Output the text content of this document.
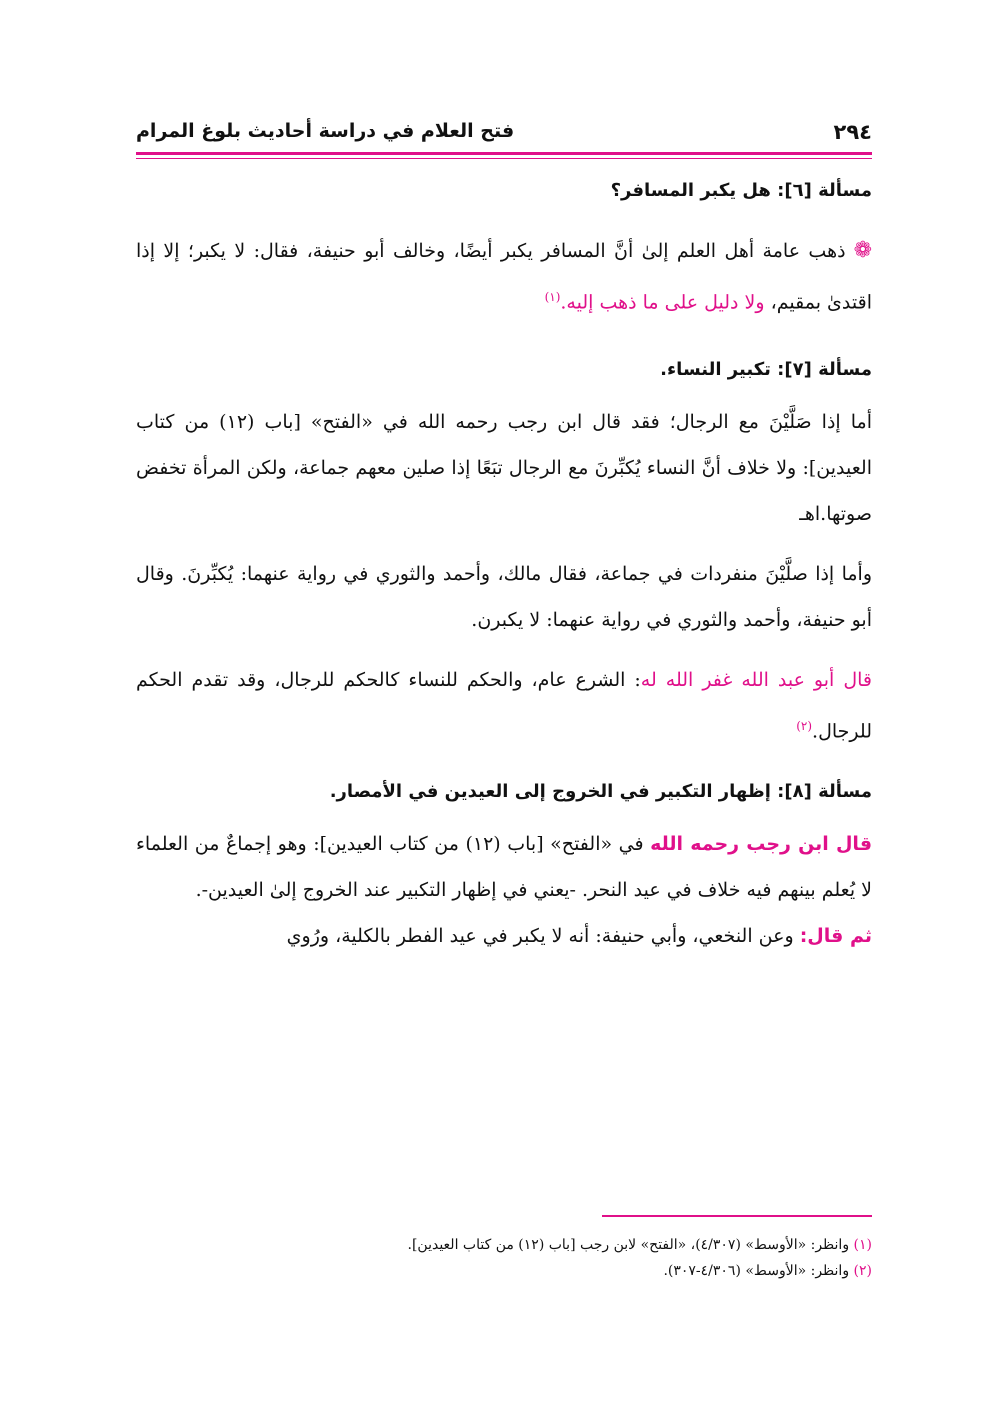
٢٩٤
فتح العلام في دراسة أحاديث بلوغ المرام

مسألة [٦]: هل يكبر المسافر؟

❁ذهب عامة أهل العلم إلىٰ أنَّ المسافر يكبر أيضًا، وخالف أبو حنيفة، فقال: لا يكبر؛ إلا إذا اقتدىٰ بمقيم، ولا دليل على ما ذهب إليه.$^{(١)}$

مسألة [٧]: تكبير النساء.

أما إذا صَلَّيْنَ مع الرجال؛ فقد قال ابن رجب رحمه الله في «الفتح» [باب (١٢) من كتاب العيدين]: ولا خلاف أنَّ النساء يُكبِّرنَ مع الرجال تبَعًا إذا صلين معهم جماعة، ولكن المرأة تخفض صوتها.اهـ

وأما إذا صلَّيْنَ منفردات في جماعة، فقال مالك، وأحمد والثوري في رواية عنهما: يُكبِّرنَ. وقال أبو حنيفة، وأحمد والثوري في رواية عنهما: لا يكبرن.

قال أبو عبد الله غفر الله له: الشرع عام، والحكم للنساء كالحكم للرجال، وقد تقدم الحكم للرجال.$^{(٢)}$

مسألة [٨]: إظهار التكبير في الخروج إلى العيدين في الأمصار.

قال ابن رجب رحمه الله في «الفتح» [باب (١٢) من كتاب العيدين]: وهو إجماعٌ من العلماء لا يُعلم بينهم فيه خلاف في عيد النحر. -يعني في إظهار التكبير عند الخروج إلىٰ العيدين-.

ثم قال: وعن النخعي، وأبي حنيفة: أنه لا يكبر في عيد الفطر بالكلية، ورُوي

(١) وانظر: «الأوسط» (٤/٣٠٧)، «الفتح» لابن رجب [باب (١٢) من كتاب العيدين].
(٢) وانظر: «الأوسط» (٤/٣٠٦-٣٠٧).
